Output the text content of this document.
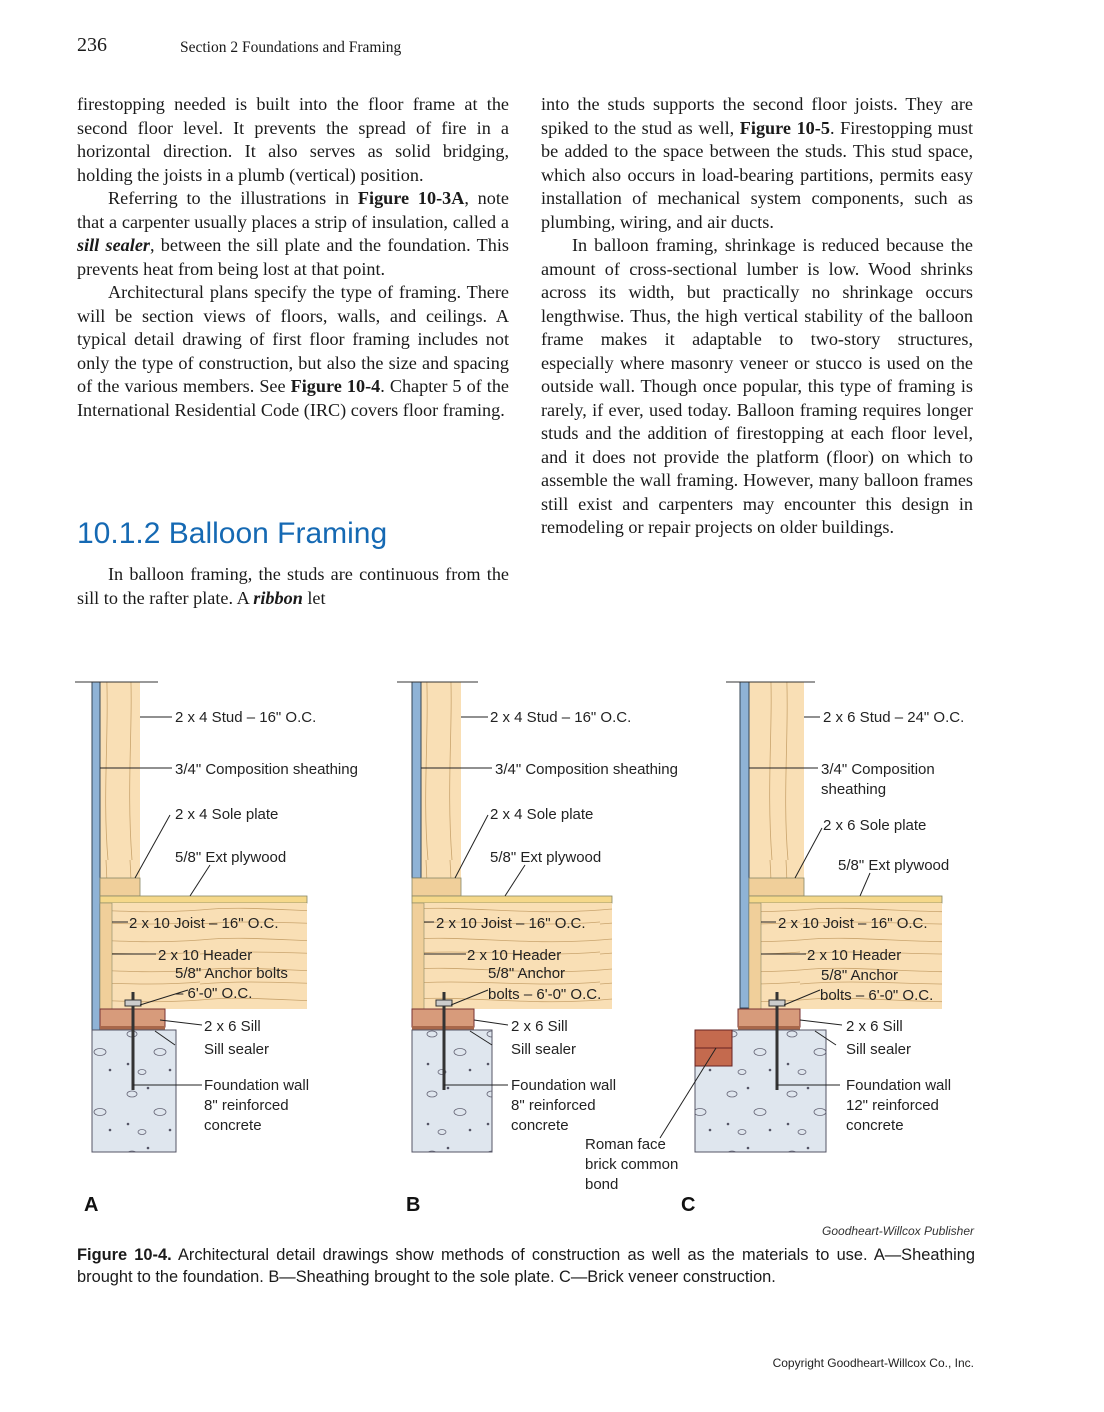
236	Section 2 Foundations and Framing

firestopping needed is built into the floor frame at the second floor level. It prevents the spread of fire in a horizontal direction. It also serves as solid bridging, holding the joists in a plumb (vertical) position.

Referring to the illustrations in Figure 10-3A, note that a carpenter usually places a strip of insulation, called a sill sealer, between the sill plate and the foundation. This prevents heat from being lost at that point.

Architectural plans specify the type of framing. There will be section views of floors, walls, and ceilings. A typical detail drawing of first floor framing includes not only the type of construction, but also the size and spacing of the various members. See Figure 10-4. Chapter 5 of the International Residential Code (IRC) covers floor framing.

10.1.2 Balloon Framing

In balloon framing, the studs are continuous from the sill to the rafter plate. A ribbon let

into the studs supports the second floor joists. They are spiked to the stud as well, Figure 10-5. Firestopping must be added to the space between the studs. This stud space, which also occurs in load-bearing partitions, permits easy installation of mechanical system components, such as plumbing, wiring, and air ducts.

In balloon framing, shrinkage is reduced because the amount of cross-sectional lumber is low. Wood shrinks across its width, but practically no shrinkage occurs lengthwise. Thus, the high vertical stability of the balloon frame makes it adaptable to two-story structures, especially where masonry veneer or stucco is used on the outside wall. Though once popular, this type of framing is rarely, if ever, used today. Balloon framing requires longer studs and the addition of firestopping at each floor level, and it does not provide the platform (floor) on which to assemble the wall framing. However, many balloon frames still exist and carpenters may encounter this design in remodeling or repair projects on older buildings.

2 x 4 Stud – 16" O.C.
3/4" Composition sheathing
2 x 4 Sole plate
5/8" Ext plywood
2 x 10 Joist – 16" O.C.
2 x 10 Header
5/8" Anchor bolts
– 6'-0" O.C.
2 x 6 Sill
Sill sealer
Foundation wall
8" reinforced
concrete
A
2 x 4 Stud – 16" O.C.
3/4" Composition sheathing
2 x 4 Sole plate
5/8" Ext plywood
2 x 10 Joist – 16" O.C.
2 x 10 Header
5/8" Anchor
bolts – 6'-0" O.C.
2 x 6 Sill
Sill sealer
Foundation wall
8" reinforced
concrete
Roman face
brick common
bond
B
2 x 6 Stud – 24" O.C.
3/4" Composition
sheathing
2 x 6 Sole plate
5/8" Ext plywood
2 x 10 Joist – 16" O.C.
2 x 10 Header
5/8" Anchor
bolts – 6'-0" O.C.
2 x 6 Sill
Sill sealer
Foundation wall
12" reinforced
concrete
C
Goodheart-Willcox Publisher

Figure 10-4. Architectural detail drawings show methods of construction as well as the materials to use. A—Sheathing brought to the foundation. B—Sheathing brought to the sole plate. C—Brick veneer construction.

Copyright Goodheart-Willcox Co., Inc.
